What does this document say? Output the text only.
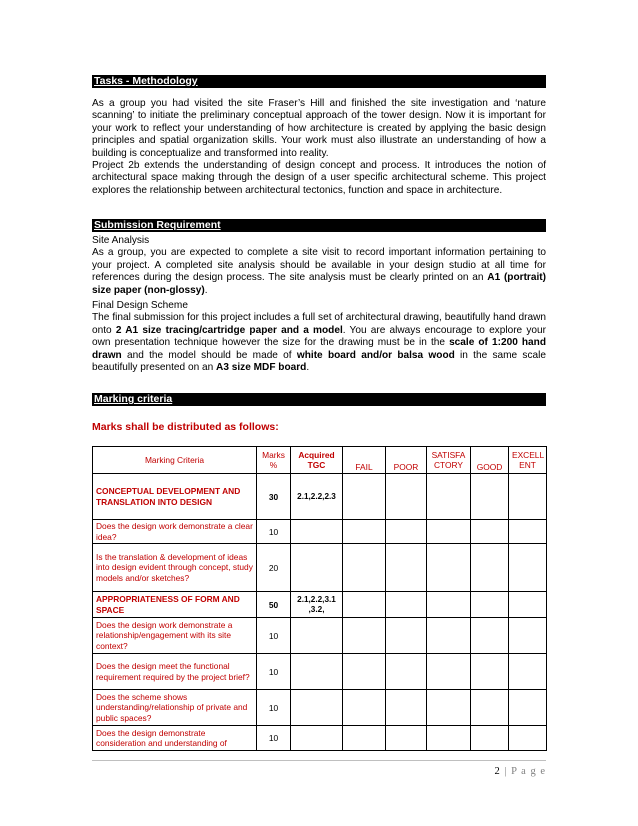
Tasks - Methodology

As a group you had visited the site Fraser’s Hill and finished the site investigation and ‘nature scanning’ to initiate the preliminary conceptual approach of the tower design. Now it is important for your work to reflect your understanding of how architecture is created by applying the basic design principles and spatial organization skills. Your work must also illustrate an understanding of how a building is conceptualize and transformed into reality.
Project 2b extends the understanding of design concept and process. It introduces the notion of architectural space making through the design of a user specific architectural scheme. This project explores the relationship between architectural tectonics, function and space in architecture.

Submission Requirement

Site Analysis
As a group, you are expected to complete a site visit to record important information pertaining to your project. A completed site analysis should be available in your design studio at all time for references during the design process. The site analysis must be clearly printed on an A1 (portrait) size paper (non-glossy).

Final Design Scheme
The final submission for this project includes a full set of architectural drawing, beautifully hand drawn onto 2 A1 size tracing/cartridge paper and a model. You are always encourage to explore your own presentation technique however the size for the drawing must be in the scale of 1:200 hand drawn and the model should be made of white board and/or balsa wood in the same scale beautifully presented on an A3 size MDF board.

Marking criteria
Marks shall be distributed as follows:
Marking Criteria	Marks %	Acquired TGC	FAIL	POOR	SATISFA CTORY	GOOD	EXCELL ENT
CONCEPTUAL DEVELOPMENT AND TRANSLATION INTO DESIGN	30	2.1,2.2,2.3					
Does the design work demonstrate a clear idea?	10						
Is the translation & development of ideas into design evident through concept, study models and/or sketches?	20						
APPROPRIATENESS OF FORM AND SPACE	50	2.1,2.2,3.1 ,3.2,					
Does the design work demonstrate a relationship/engagement with its site context?	10						
Does the design meet the functional requirement required by the project brief?	10						
Does the scheme shows understanding/relationship of private and public spaces?	10						
Does the design demonstrate consideration and understanding of	10						
2 | P a g e
